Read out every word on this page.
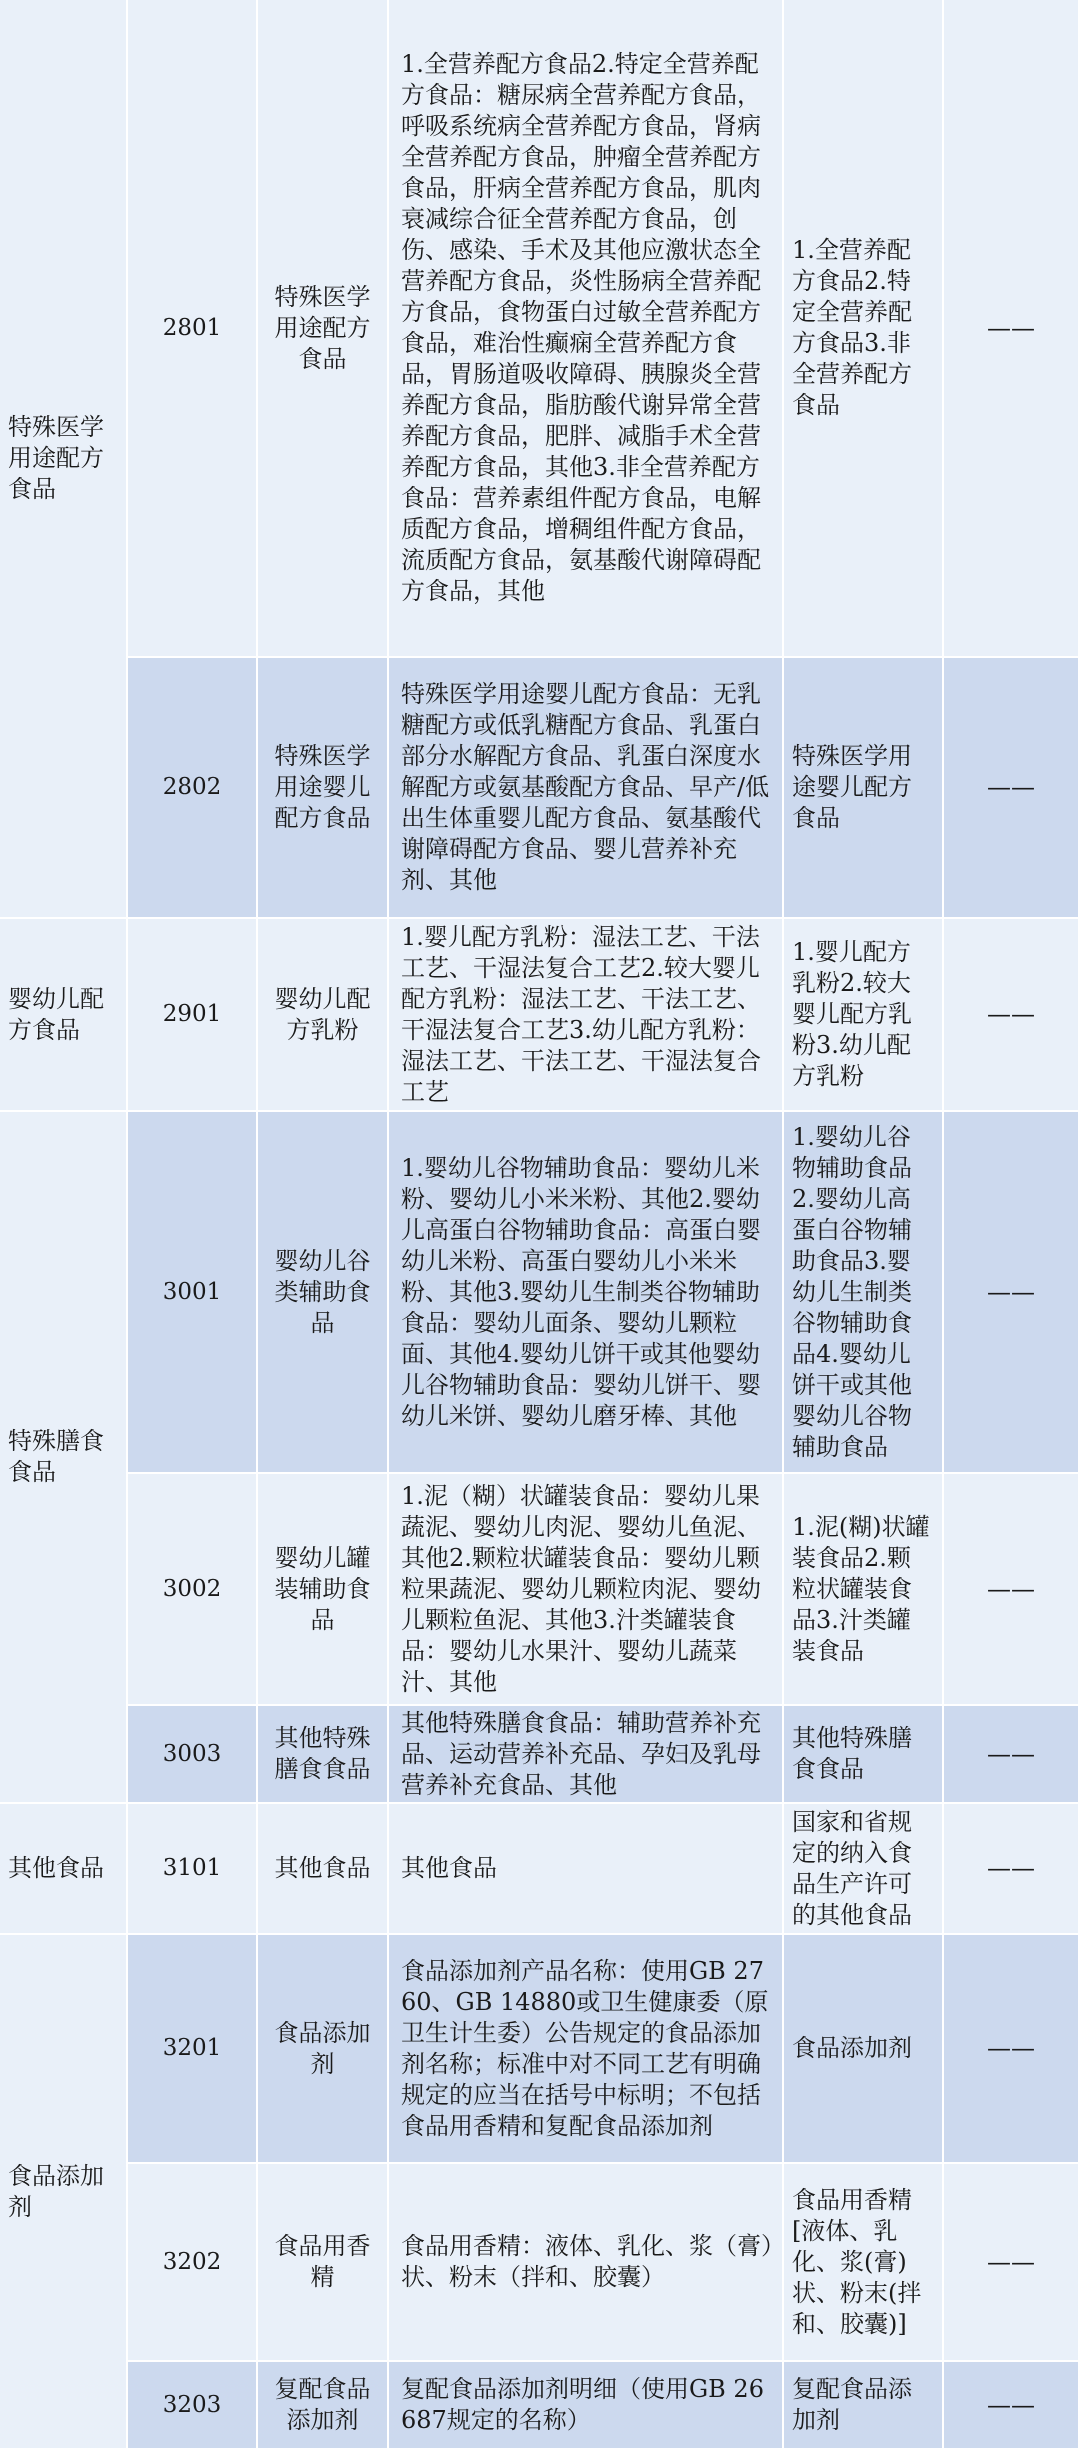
特殊医学用途配方食品
婴幼儿配方食品
特殊膳食食品
其他食品
食品添加剂
2801
特殊医学用途配方食品
1.全营养配方食品2.特定全营养配方食品：糖尿病全营养配方食品，呼吸系统病全营养配方食品，肾病全营养配方食品，肿瘤全营养配方食品，肝病全营养配方食品，肌肉衰减综合征全营养配方食品，创伤、感染、手术及其他应激状态全营养配方食品，炎性肠病全营养配方食品，食物蛋白过敏全营养配方食品，难治性癫痫全营养配方食品，胃肠道吸收障碍、胰腺炎全营养配方食品，脂肪酸代谢异常全营养配方食品，肥胖、减脂手术全营养配方食品，其他3.非全营养配方食品：营养素组件配方食品，电解质配方食品，增稠组件配方食品，流质配方食品，氨基酸代谢障碍配方食品，其他
1.全营养配方食品2.特定全营养配方食品3.非全营养配方食品
——
2802
特殊医学用途婴儿配方食品
特殊医学用途婴儿配方食品：无乳糖配方或低乳糖配方食品、乳蛋白部分水解配方食品、乳蛋白深度水解配方或氨基酸配方食品、早产/低出生体重婴儿配方食品、氨基酸代谢障碍配方食品、婴儿营养补充剂、其他
特殊医学用途婴儿配方食品
——
2901
婴幼儿配方乳粉
1.婴儿配方乳粉：湿法工艺、干法工艺、干湿法复合工艺2.较大婴儿配方乳粉：湿法工艺、干法工艺、干湿法复合工艺3.幼儿配方乳粉：湿法工艺、干法工艺、干湿法复合工艺
1.婴儿配方乳粉2.较大婴儿配方乳粉3.幼儿配方乳粉
——
3001
婴幼儿谷类辅助食品
1.婴幼儿谷物辅助食品：婴幼儿米粉、婴幼儿小米米粉、其他2.婴幼儿高蛋白谷物辅助食品：高蛋白婴幼儿米粉、高蛋白婴幼儿小米米粉、其他3.婴幼儿生制类谷物辅助食品：婴幼儿面条、婴幼儿颗粒面、其他4.婴幼儿饼干或其他婴幼儿谷物辅助食品：婴幼儿饼干、婴幼儿米饼、婴幼儿磨牙棒、其他
1.婴幼儿谷物辅助食品2.婴幼儿高蛋白谷物辅助食品3.婴幼儿生制类谷物辅助食品4.婴幼儿饼干或其他婴幼儿谷物辅助食品
——
3002
婴幼儿罐装辅助食品
1.泥（糊）状罐装食品：婴幼儿果蔬泥、婴幼儿肉泥、婴幼儿鱼泥、其他2.颗粒状罐装食品：婴幼儿颗粒果蔬泥、婴幼儿颗粒肉泥、婴幼儿颗粒鱼泥、其他3.汁类罐装食品：婴幼儿水果汁、婴幼儿蔬菜汁、其他
1.泥(糊)状罐装食品2.颗粒状罐装食品3.汁类罐装食品
——
3003
其他特殊膳食食品
其他特殊膳食食品：辅助营养补充品、运动营养补充品、孕妇及乳母营养补充食品、其他
其他特殊膳食食品
——
3101 其他食品 其他食品
国家和省规定的纳入食品生产许可的其他食品
——
3201
食品添加剂
食品添加剂产品名称：使用GB 2760、GB 14880或卫生健康委（原卫生计生委）公告规定的食品添加剂名称；标准中对不同工艺有明确规定的应当在括号中标明；不包括食品用香精和复配食品添加剂
食品添加剂	——
3202
食品用香精
食品用香精：液体、乳化、浆（膏）状、粉末（拌和、胶囊）
食品用香精[液体、乳化、浆(膏)状、粉末(拌和、胶囊)]
——
3203
复配食品添加剂
复配食品添加剂明细（使用GB 26687规定的名称）
复配食品添加剂
——
